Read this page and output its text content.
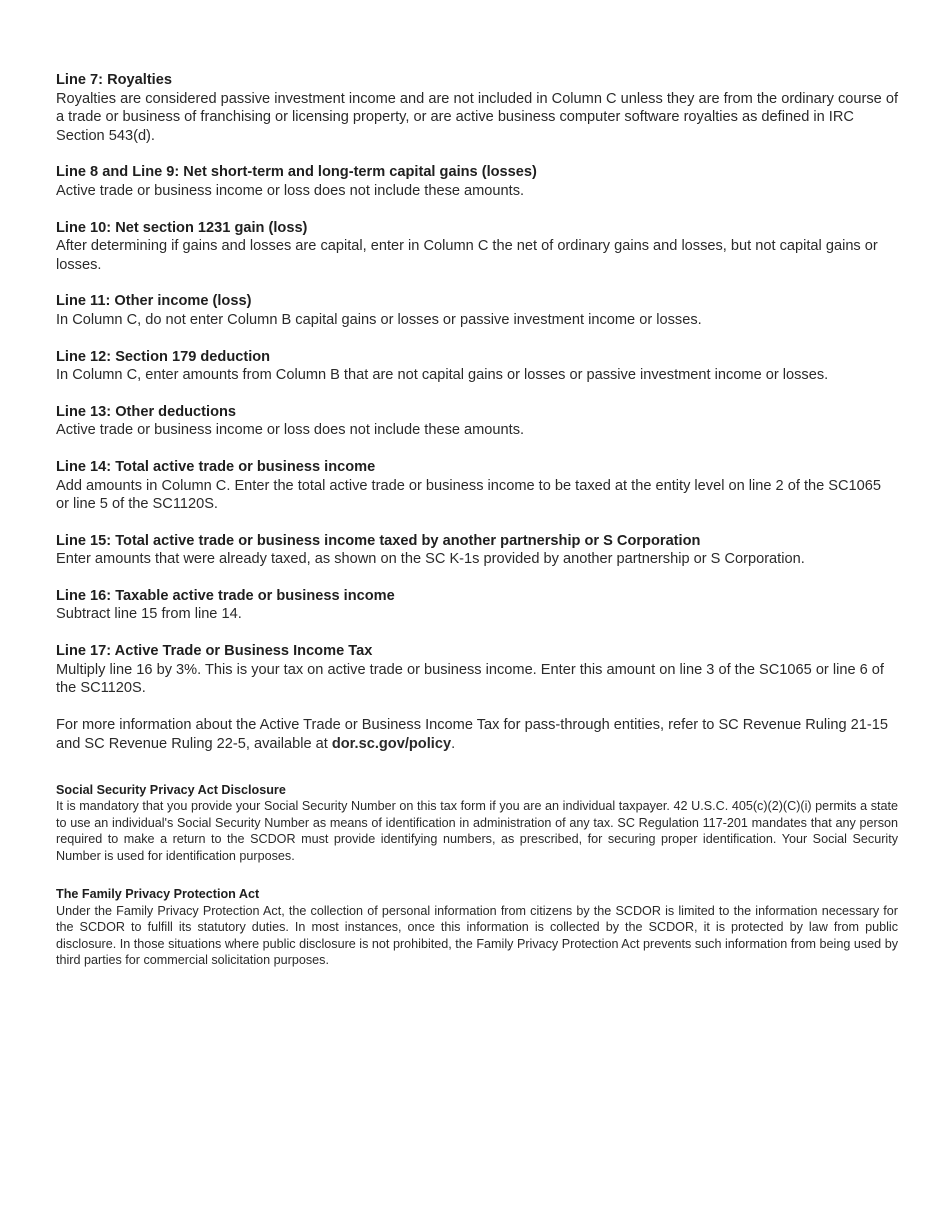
Line 7: Royalties
Royalties are considered passive investment income and are not included in Column C unless they are from the ordinary course of a trade or business of franchising or licensing property, or are active business computer software royalties as defined in IRC Section 543(d).
Line 8 and Line 9: Net short-term and long-term capital gains (losses)
Active trade or business income or loss does not include these amounts.
Line 10: Net section 1231 gain (loss)
After determining if gains and losses are capital, enter in Column C the net of ordinary gains and losses, but not capital gains or losses.
Line 11: Other income (loss)
In Column C, do not enter Column B capital gains or losses or passive investment income or losses.
Line 12: Section 179 deduction
In Column C, enter amounts from Column B that are not capital gains or losses or passive investment income or losses.
Line 13: Other deductions
Active trade or business income or loss does not include these amounts.
Line 14: Total active trade or business income
Add amounts in Column C. Enter the total active trade or business income to be taxed at the entity level on line 2 of the SC1065 or line 5 of the SC1120S.
Line 15: Total active trade or business income taxed by another partnership or S Corporation
Enter amounts that were already taxed, as shown on the SC K-1s provided by another partnership or S Corporation.
Line 16: Taxable active trade or business income
Subtract line 15 from line 14.
Line 17: Active Trade or Business Income Tax
Multiply line 16 by 3%. This is your tax on active trade or business income. Enter this amount on line 3 of the SC1065 or line 6 of the SC1120S.
For more information about the Active Trade or Business Income Tax for pass-through entities, refer to SC Revenue Ruling 21-15 and SC Revenue Ruling 22-5, available at dor.sc.gov/policy.
Social Security Privacy Act Disclosure
It is mandatory that you provide your Social Security Number on this tax form if you are an individual taxpayer. 42 U.S.C. 405(c)(2)(C)(i) permits a state to use an individual's Social Security Number as means of identification in administration of any tax. SC Regulation 117-201 mandates that any person required to make a return to the SCDOR must provide identifying numbers, as prescribed, for securing proper identification. Your Social Security Number is used for identification purposes.
The Family Privacy Protection Act
Under the Family Privacy Protection Act, the collection of personal information from citizens by the SCDOR is limited to the information necessary for the SCDOR to fulfill its statutory duties. In most instances, once this information is collected by the SCDOR, it is protected by law from public disclosure. In those situations where public disclosure is not prohibited, the Family Privacy Protection Act prevents such information from being used by third parties for commercial solicitation purposes.
